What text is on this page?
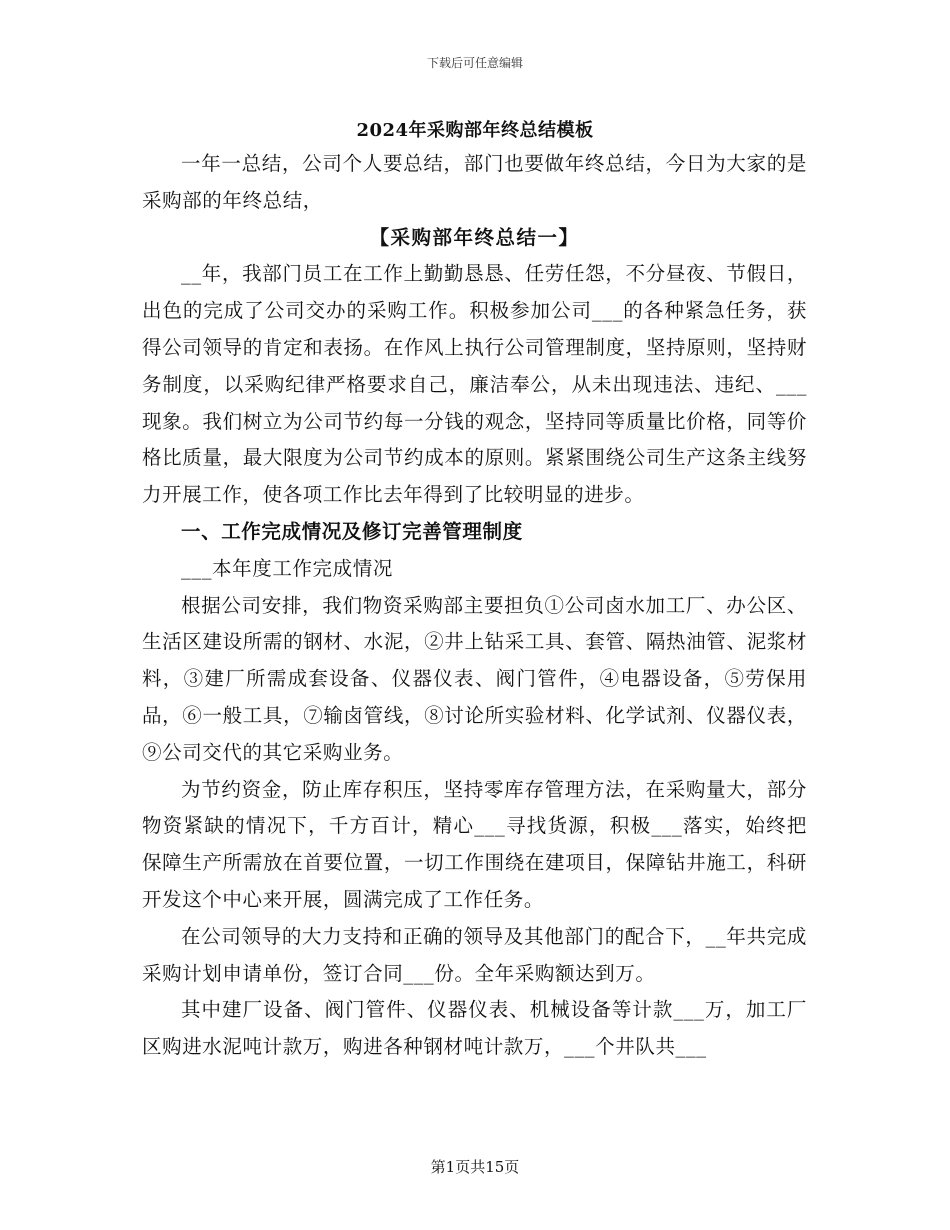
下载后可任意编辑
2024年采购部年终总结模板

一年一总结，公司个人要总结，部门也要做年终总结，今日为大家的是采购部的年终总结，

【采购部年终总结一】

__年，我部门员工在工作上勤勤恳恳、任劳任怨，不分昼夜、节假日，出色的完成了公司交办的采购工作。积极参加公司___的各种紧急任务，获得公司领导的肯定和表扬。在作风上执行公司管理制度，坚持原则，坚持财务制度，以采购纪律严格要求自己，廉洁奉公，从未出现违法、违纪、___现象。我们树立为公司节约每一分钱的观念，坚持同等质量比价格，同等价格比质量，最大限度为公司节约成本的原则。紧紧围绕公司生产这条主线努力开展工作，使各项工作比去年得到了比较明显的进步。

一、工作完成情况及修订完善管理制度

___本年度工作完成情况

根据公司安排，我们物资采购部主要担负①公司卤水加工厂、办公区、生活区建设所需的钢材、水泥，②井上钻采工具、套管、隔热油管、泥浆材料，③建厂所需成套设备、仪器仪表、阀门管件，④电器设备，⑤劳保用品，⑥一般工具，⑦输卤管线，⑧讨论所实验材料、化学试剂、仪器仪表，⑨公司交代的其它采购业务。

为节约资金，防止库存积压，坚持零库存管理方法，在采购量大，部分物资紧缺的情况下，千方百计，精心___寻找货源，积极___落实，始终把保障生产所需放在首要位置，一切工作围绕在建项目，保障钻井施工，科研开发这个中心来开展，圆满完成了工作任务。

在公司领导的大力支持和正确的领导及其他部门的配合下，__年共完成采购计划申请单份，签订合同___份。全年采购额达到万。

其中建厂设备、阀门管件、仪器仪表、机械设备等计款___万，加工厂区购进水泥吨计款万，购进各种钢材吨计款万，___个井队共___

第1页共15页
